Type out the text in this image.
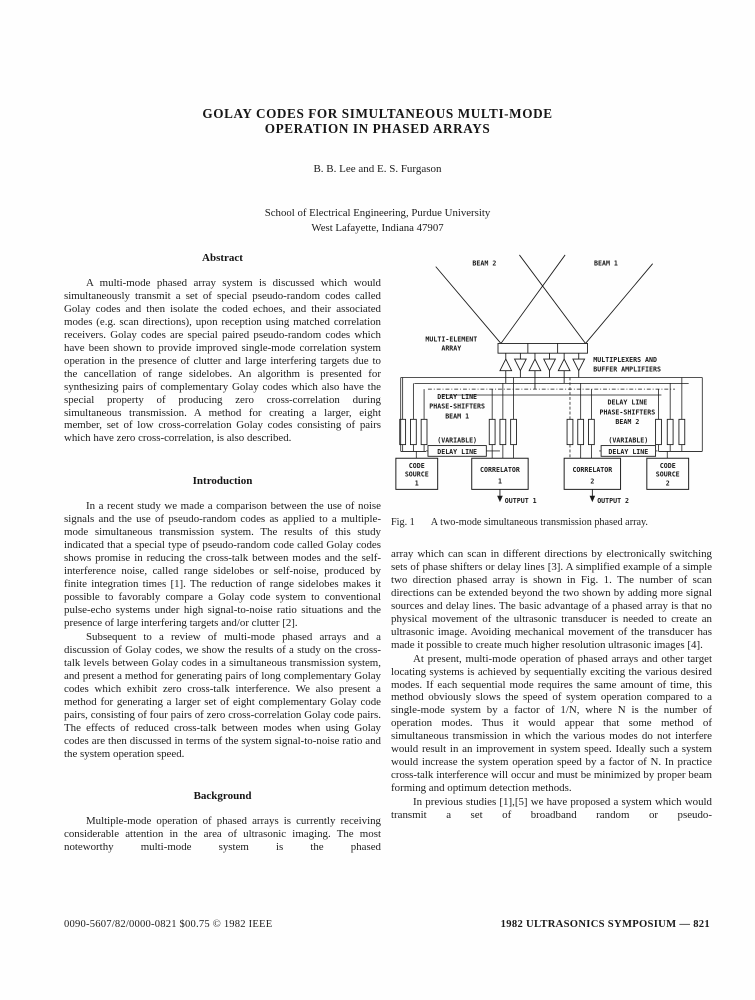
GOLAY CODES FOR SIMULTANEOUS MULTI-MODE
OPERATION IN PHASED ARRAYS
B. B. Lee and E. S. Furgason
School of Electrical Engineering, Purdue University
West Lafayette, Indiana 47907
Abstract

A multi-mode phased array system is discussed which would simultaneously transmit a set of special pseudo-random codes called Golay codes and then isolate the coded echoes, and their associated modes (e.g. scan directions), upon reception using matched correlation receivers. Golay codes are special paired pseudo-random codes which have been shown to provide improved single-mode correlation system operation in the presence of clutter and large interfering targets due to the cancellation of range sidelobes. An algorithm is presented for synthesizing pairs of complementary Golay codes which also have the special property of producing zero cross-correlation during simultaneous transmission. A method for creating a larger, eight member, set of low cross-correlation Golay codes consisting of pairs which have zero cross-correlation, is also described.

Introduction

In a recent study we made a comparison between the use of noise signals and the use of pseudo-random codes as applied to a multiple-mode simultaneous transmission system. The results of this study indicated that a special type of pseudo-random code called Golay codes shows promise in reducing the cross-talk between modes and the self-interference noise, called range sidelobes or self-noise, produced by finite integration times [1]. The reduction of range sidelobes makes it possible to favorably compare a Golay code system to conventional pulse-echo systems under high signal-to-noise ratio situations and the presence of large interfering targets and/or clutter [2].

Subsequent to a review of multi-mode phased arrays and a discussion of Golay codes, we show the results of a study on the cross-talk levels between Golay codes in a simultaneous transmission system, and present a method for generating pairs of long complementary Golay codes which exhibit zero cross-talk interference. We also present a method for generating a larger set of eight complementary Golay code pairs, consisting of four pairs of zero cross-correlation Golay code pairs. The effects of reduced cross-talk between modes when using Golay codes are then discussed in terms of the system signal-to-noise ratio and the system operation speed.

Background

Multiple-mode operation of phased arrays is currently receiving considerable attention in the area of ultrasonic imaging. The most noteworthy multi-mode system is the phased

BEAM 2	BEAM 1
MULTI-ELEMENT
ARRAY
MULTIPLEXERS AND
BUFFER AMPLIFIERS
DELAY LINE
PHASE-SHIFTERS
BEAM 1
DELAY LINE
PHASE-SHIFTERS
BEAM 2
(VARIABLE)
DELAY LINE
(VARIABLE)
DELAY LINE
CODE
SOURCE
1
CORRELATOR
1
CORRELATOR
2
CODE
SOURCE
2
OUTPUT 1	OUTPUT 2
Fig. 1 A two-mode simultaneous transmission phased array.

array which can scan in different directions by electronically switching sets of phase shifters or delay lines [3]. A simplified example of a simple two direction phased array is shown in Fig. 1. The number of scan directions can be extended beyond the two shown by adding more signal sources and delay lines. The basic advantage of a phased array is that no physical movement of the ultrasonic transducer is needed to create an ultrasonic image. Avoiding mechanical movement of the transducer has made it possible to create much higher resolution ultrasonic images [4].

At present, multi-mode operation of phased arrays and other target locating systems is achieved by sequentially exciting the various desired modes. If each sequential mode requires the same amount of time, this method obviously slows the speed of system operation compared to a single-mode system by a factor of 1/N, where N is the number of operation modes. Thus it would appear that some method of simultaneous transmission in which the various modes do not interfere would result in an improvement in system speed. Ideally such a system would increase the system operation speed by a factor of N. In practice cross-talk interference will occur and must be minimized by proper beam forming and optimum detection methods.

In previous studies [1],[5] we have proposed a system which would transmit a set of broadband random or pseudo-

0090-5607/82/0000-0821 $00.75 © 1982 IEEE	1982 ULTRASONICS SYMPOSIUM — 821
